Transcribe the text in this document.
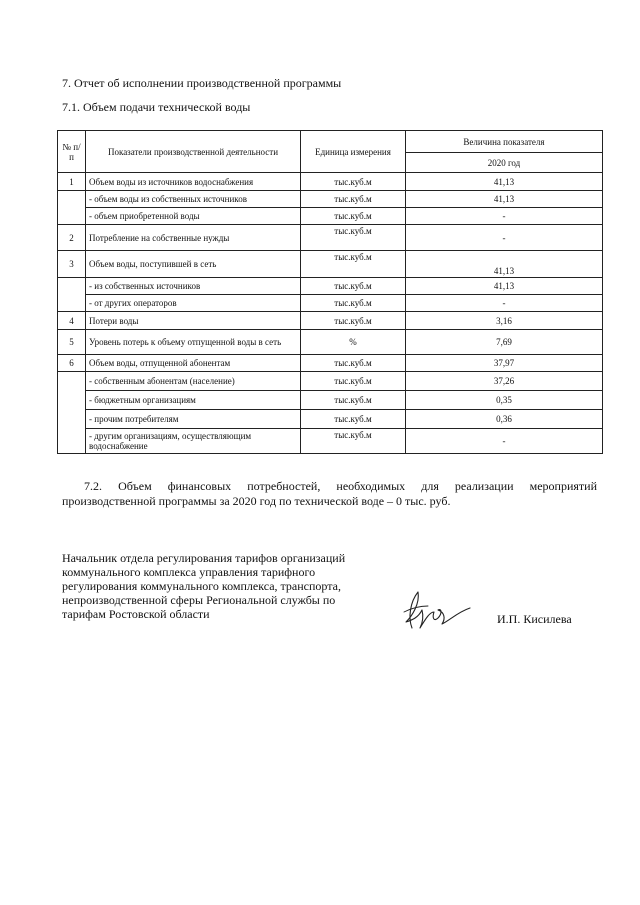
7. Отчет об исполнении производственной программы
7.1. Объем подачи технической воды
№ п/п	Показатели производственной деятельности	Единица измерения	Величина показателя
			2020 год
1	Объем воды из источников водоснабжения	тыс.куб.м	41,13
	- объем воды из собственных источников	тыс.куб.м	41,13
	- объем приобретенной воды	тыс.куб.м	-
2	Потребление на собственные нужды	тыс.куб.м	-
3	Объем воды, поступившей в сеть	тыс.куб.м	41,13
	- из собственных источников	тыс.куб.м	41,13
	- от других операторов	тыс.куб.м	-
4	Потери воды	тыс.куб.м	3,16
5	Уровень потерь к объему отпущенной воды в сеть	%	7,69
6	Объем воды, отпущенной абонентам	тыс.куб.м	37,97
	- собственным абонентам (население)	тыс.куб.м	37,26
	- бюджетным организациям	тыс.куб.м	0,35
	- прочим потребителям	тыс.куб.м	0,36
	- другим организациям, осуществляющим водоснабжение	тыс.куб.м	-
7.2. Объем финансовых потребностей, необходимых для реализации мероприятий производственной программы за 2020 год по технической воде – 0 тыс. руб.
Начальник отдела регулирования тарифов организаций
коммунального комплекса управления тарифного
регулирования коммунального комплекса, транспорта,
непроизводственной сферы Региональной службы по
тарифам Ростовской области	И.П. Кисилева
